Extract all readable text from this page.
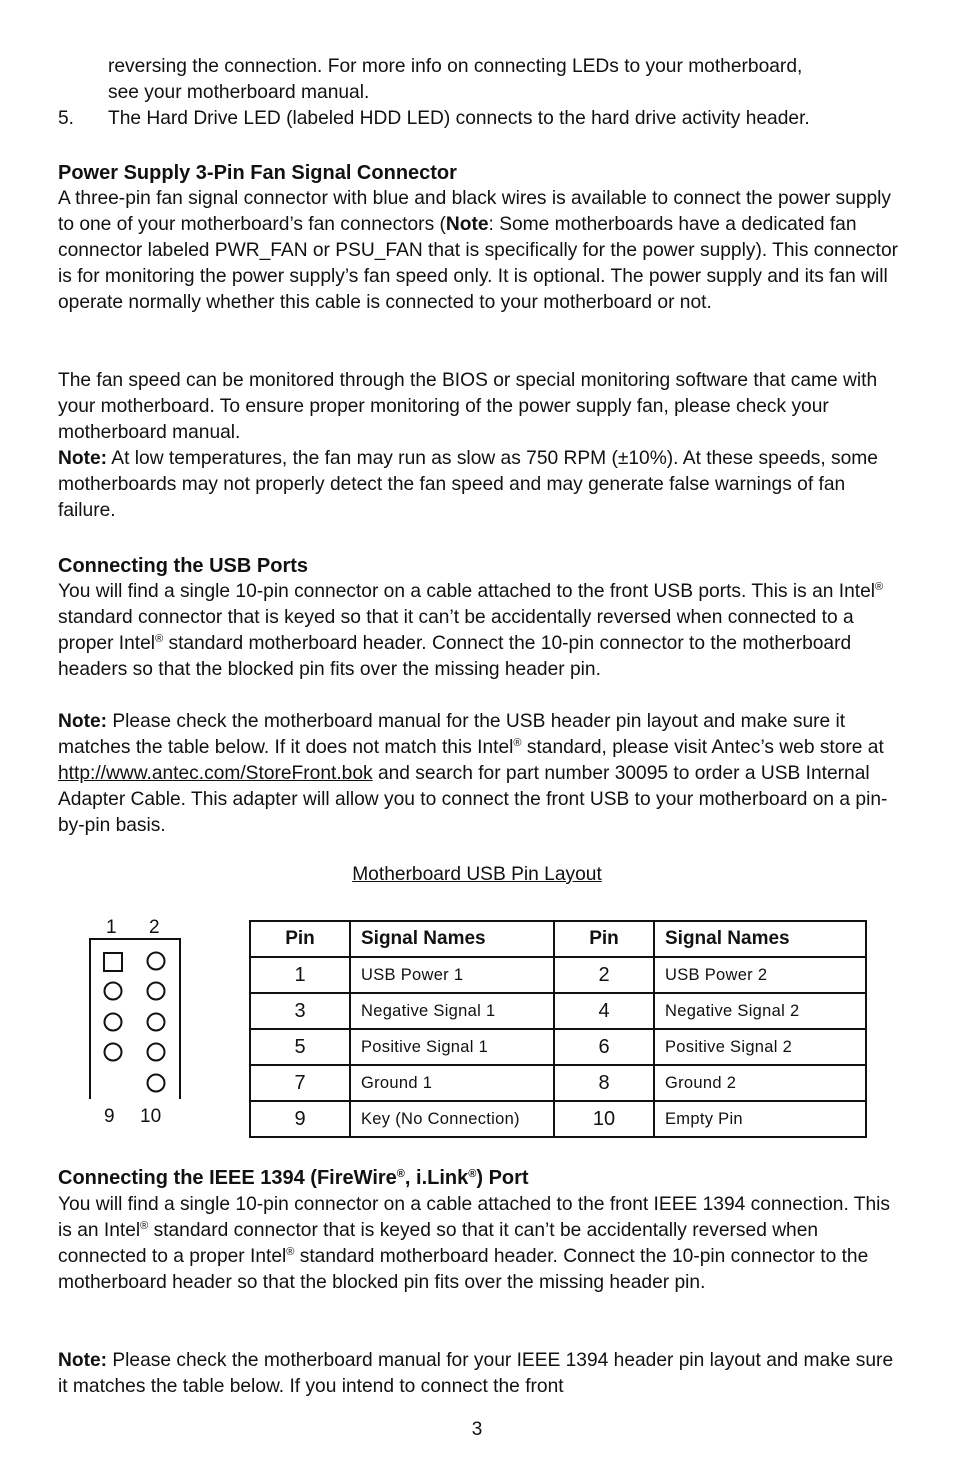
reversing the connection. For more info on connecting LEDs to your motherboard,

see your motherboard manual.

5.	The Hard Drive LED (labeled HDD LED) connects to the hard drive activity header.

Power Supply 3-Pin Fan Signal Connector

A three-pin fan signal connector with blue and black wires is available to connect the power supply to one of your motherboard’s fan connectors (Note: Some motherboards have a dedicated fan connector labeled PWR_FAN or PSU_FAN that is specifically for the power supply). This connector is for monitoring the power supply’s fan speed only. It is optional. The power supply and its fan will operate normally whether this cable is connected to your motherboard or not.

The fan speed can be monitored through the BIOS or special monitoring software that came with your motherboard. To ensure proper monitoring of the power supply fan, please check your motherboard manual.

Note: At low temperatures, the fan may run as slow as 750 RPM (±10%). At these speeds, some motherboards may not properly detect the fan speed and may generate false warnings of fan failure.

Connecting the USB Ports

You will find a single 10-pin connector on a cable attached to the front USB ports. This is an Intel® standard connector that is keyed so that it can’t be accidentally reversed when connected to a proper Intel® standard motherboard header. Connect the 10-pin connector to the motherboard headers so that the blocked pin fits over the missing header pin.

Note: Please check the motherboard manual for the USB header pin layout and make sure it matches the table below. If it does not match this Intel® standard, please visit Antec’s web store at http://www.antec.com/StoreFront.bok and search for part number 30095 to order a USB Internal Adapter Cable. This adapter will allow you to connect the front USB to your motherboard on a pin-by-pin basis.

Motherboard USB Pin Layout
1 2
9 10
Pin	Signal Names	Pin	Signal Names
1	USB Power 1	2	USB Power 2
3	Negative Signal 1	4	Negative Signal 2
5	Positive Signal 1	6	Positive Signal 2
7	Ground 1	8	Ground 2
9	Key (No Connection)	10	Empty Pin
Connecting the IEEE 1394 (FireWire®, i.Link®) Port

You will find a single 10-pin connector on a cable attached to the front IEEE 1394 connection. This is an Intel® standard connector that is keyed so that it can’t be accidentally reversed when connected to a proper Intel® standard motherboard header. Connect the 10-pin connector to the motherboard header so that the blocked pin fits over the missing header pin.

Note: Please check the motherboard manual for your IEEE 1394 header pin layout and make sure it matches the table below. If you intend to connect the front

3
